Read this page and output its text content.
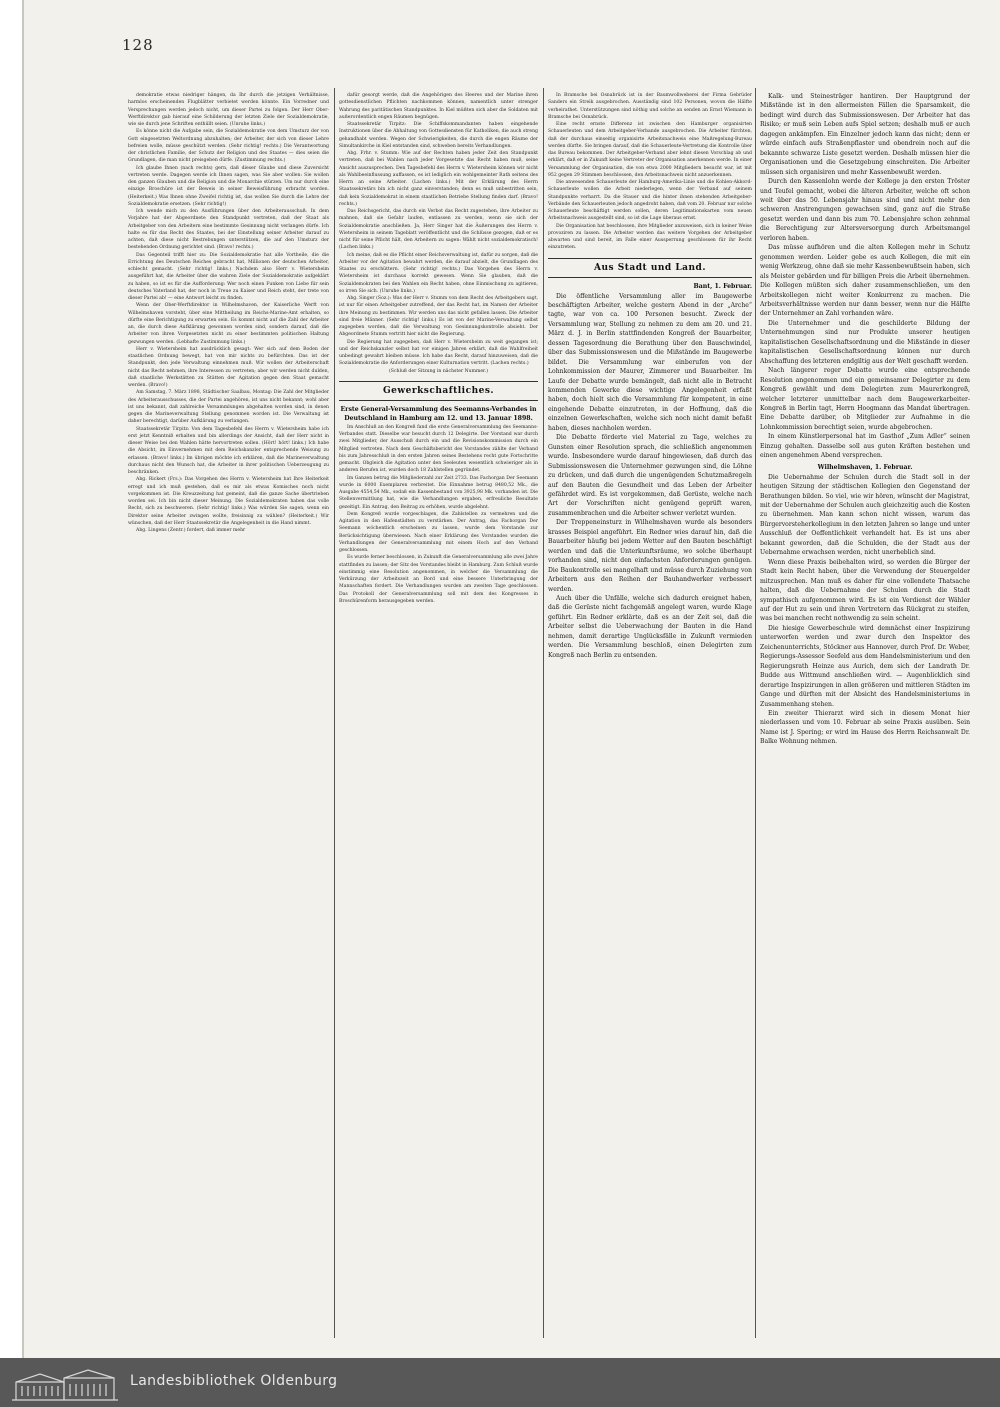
128

demokratie etwas niedriger hängen, da Ihr durch die jetzigen Verhältnisse, harmlos erscheinenden Flugblätter verbietet werden könnte. Ein Vorredner und Versprechungen werden jedoch nicht, um dieser Partei zu folgen. Der Herr Ober-Werftdirektor gab hierauf eine Schilderung der letzten Ziele der Sozialdemokratie, wie sie durch jene Schriften enthüllt seien. (Unruhe links.)

Es könne nicht die Aufgabe sein, die Sozialdemokratie von dem Umsturz der von Gott eingesetzten Weltordnung abzuhalten; der Arbeiter, der sich von dieser Lehre befreien wolle, müsse geschützt werden. (Sehr richtig! rechts.) Die Verantwortung der christlichen Familie, der Schutz der Religion und des Staates — dies seien die Grundlagen, die man nicht preisgeben dürfe. (Zustimmung rechts.)

Ich glaube Ihnen (nach rechts) gern, daß dieser Glaube und diese Zuversicht vertreten werde. Dagegen werde ich Ihnen sagen, was Sie aber wollen: Sie wollen den ganzen Glauben und die Religion und die Monarchie stürzen. Um nur durch eine einzige Broschüre ist der Beweis in seiner Beweisführung erbracht worden. (Heiterkeit.) Was Ihnen ohne Zweifel richtig ist, das wollen Sie durch die Lehre der Sozialdemokratie ersetzen. (Sehr richtig!)

Ich wende mich zu den Ausführungen über den Arbeiterausschuß. In dem Vorjahre hat der Abgeordnete den Standpunkt vertreten, daß der Staat als Arbeitgeber von den Arbeitern eine bestimmte Gesinnung nicht verlangen dürfe. Ich halte es für das Recht des Staates, bei der Einstellung seiner Arbeiter darauf zu achten, daß diese nicht Bestrebungen unterstützen, die auf den Umsturz der bestehenden Ordnung gerichtet sind. (Bravo! rechts.)

Das Gegenteil trifft hier zu: Die Sozialdemokratie hat alle Vortheile, die die Errichtung des Deutschen Reiches gebracht hat, Millionen der deutschen Arbeiter, schlecht gemacht. (Sehr richtig! links.) Nachdem also Herr v. Wietersheim ausgeführt hat, die Arbeiter über die wahren Ziele der Sozialdemokratie aufgeklärt zu haben, so ist es für die Aufforderung: Wer noch einen Funken von Liebe für sein deutsches Vaterland hat, der noch in Treue zu Kaiser und Reich steht, der trete von dieser Partei ab! — eine Antwort leicht zu finden.

Wenn der Ober-Werftdirektor in Wilhelmshaven, der Kaiserliche Werft von Wilhelmshaven vorsteht, über eine Mittheilung im Reichs-Marine-Amt erhalten, so dürfte eine Berichtigung zu erwarten sein. Es kommt nicht auf die Zahl der Arbeiter an, die durch diese Aufklärung gewonnen worden sind, sondern darauf, daß die Arbeiter von ihren Vorgesetzten nicht zu einer bestimmten politischen Haltung gezwungen werden. (Lebhafte Zustimmung links.)

Herr v. Wietersheim hat ausdrücklich gesagt: Wer sich auf dem Boden der staatlichen Ordnung bewegt, hat von mir nichts zu befürchten. Das ist der Standpunkt, den jede Verwaltung einnehmen muß. Wir wollen der Arbeiterschaft nicht das Recht nehmen, ihre Interessen zu vertreten; aber wir werden nicht dulden, daß staatliche Werkstätten zu Stätten der Agitation gegen den Staat gemacht werden. (Bravo!)

Am Samstag, 7. März 1898, Städtischer Saalbau, Montag: Die Zahl der Mitglieder des Arbeiterausschusses, die der Partei angehören, ist uns nicht bekannt; wohl aber ist uns bekannt, daß zahlreiche Versammlungen abgehalten worden sind, in denen gegen die Marineverwaltung Stellung genommen worden ist. Die Verwaltung ist daher berechtigt, darüber Aufklärung zu verlangen.

Staatssekretär Tirpitz: Von dem Tagesbefehl des Herrn v. Wietersheim habe ich erst jetzt Kenntniß erhalten und bin allerdings der Ansicht, daß der Herr nicht in dieser Weise bei den Wahlen hätte hervortreten sollen. (Hört! hört! links.) Ich habe die Absicht, im Einvernehmen mit dem Reichskanzler entsprechende Weisung zu erlassen. (Bravo! links.) Im übrigen möchte ich erklären, daß die Marineverwaltung durchaus nicht den Wunsch hat, die Arbeiter in ihrer politischen Ueberzeugung zu beschränken.

Abg. Rickert (Frs.): Das Vorgehen des Herrn v. Wietersheim hat Ihre Heiterkeit erregt und ich muß gestehen, daß es mir als etwas Komisches noch nicht vorgekommen ist. Die Kreuzzeitung hat gemeint, daß die ganze Sache übertrieben worden sei. Ich bin nicht dieser Meinung. Die Sozialdemokraten haben das volle Recht, sich zu beschweren. (Sehr richtig! links.) Was würden Sie sagen, wenn ein Direktor seine Arbeiter zwingen wollte, freisinnig zu wählen? (Heiterkeit.) Wir wünschen, daß der Herr Staatssekretär die Angelegenheit in die Hand nimmt.

Abg. Lingens (Zentr.) fordert, daß immer mehr

dafür gesorgt werde, daß die Angehörigen des Heeres und der Marine ihren gottesdienstlichen Pflichten nachkommen können, namentlich unter strenger Wahrung des paritätischen Standpunktes. In Kiel müßten sich aber die Soldaten mit außerordentlich engen Räumen begnügen.

Staatssekretär Tirpitz: Die Schiffskommandanten haben eingehende Instruktionen über die Abhaltung von Gottesdiensten für Katholiken, die auch streng gehandhabt werden. Wegen der Schwierigkeiten, die durch die engen Räume der Simultankirche in Kiel entstanden sind, schweben bereits Verhandlungen.

Abg. Frhr. v. Stumm: Wie auf der Rechten haben jeder Zeit den Standpunkt vertreten, daß bei Wahlen nach jeder Vorgesetzte das Recht haben muß, seine Ansicht auszusprechen. Den Tagesbefehl des Herrn v. Wietersheim können wir nicht als Wahlbeeinflussung auffassen, es ist lediglich ein wohlgemeinter Rath seitens des Herrn an seine Arbeiter. (Lachen links.) Mit der Erklärung des Herrn Staatssekretärs bin ich nicht ganz einverstanden; denn es muß unbestritten sein, daß kein Sozialdemokrat in einem staatlichen Betriebe Stellung finden darf. (Bravo! rechts.)

Das Reichsgericht, das durch ein Verbot das Recht zugestehen, ihre Arbeiter zu mahnen, daß sie Gefahr laufen, entlassen zu werden, wenn sie sich der Sozialdemokratie anschließen. Ja, Herr Singer hat die Äußerungen des Herrn v. Wietersheim in seinem Tageblatt veröffentlicht und die Schlüsse gezogen, daß er es nicht für seine Pflicht hält, den Arbeitern zu sagen: Wählt nicht sozialdemokratisch! (Lachen links.)

Ich meine, daß es die Pflicht einer Reichsverwaltung ist, dafür zu sorgen, daß die Arbeiter vor der Agitation bewahrt werden, die darauf abzielt, die Grundlagen des Staates zu erschüttern. (Sehr richtig! rechts.) Das Vorgehen des Herrn v. Wietersheim ist durchaus korrekt gewesen. Wenn Sie glauben, daß die Sozialdemokraten bei den Wahlen ein Recht haben, ohne Einmischung zu agitieren, so irren Sie sich. (Unruhe links.)

Abg. Singer (Soz.): Was der Herr v. Stumm von dem Recht des Arbeitgebers sagt, ist nur für einen Arbeitgeber zutreffend, der das Recht hat, im Namen der Arbeiter ihre Meinung zu bestimmen. Wir werden uns das nicht gefallen lassen. Die Arbeiter sind freie Männer. (Sehr richtig! links.) Es ist von der Marine-Verwaltung selbst zugegeben worden, daß die Verwaltung von Gesinnungskontrolle absieht. Der Abgeordnete Stumm vertritt hier nicht die Regierung.

Die Regierung hat zugegeben, daß Herr v. Wietersheim zu weit gegangen ist; und der Reichskanzler selbst hat vor einigen Jahren erklärt, daß die Wahlfreiheit unbedingt gewahrt bleiben müsse. Ich habe das Recht, darauf hinzuweisen, daß die Sozialdemokratie die Anforderungen einer Kulturnation vertritt. (Lachen rechts.)

(Schluß der Sitzung in nächster Nummer.)

Gewerkschaftliches.
Erste General-Versammlung des Seemanns-Verbandes in Deutschland in Hamburg am 12. und 13. Januar 1898.

Im Anschluß an den Kongreß fand die erste Generalversammlung des Seemanns-Verbandes statt. Dieselbe war besucht durch 12 Delegirte. Der Vorstand war durch zwei Mitglieder, der Ausschuß durch ein und die Revisionskommission durch ein Mitglied vertreten. Nach dem Geschäftsbericht des Vorstandes zählte der Verband bis zum Jahresschluß in den ersten Jahren seines Bestehens recht gute Fortschritte gemacht. Obgleich die Agitation unter den Seeleuten wesentlich schwieriger als in anderen Berufen ist, wurden doch 18 Zahlstellen gegründet.

Im Ganzen betrug die Mitgliederzahl zur Zeit 2733. Das Fachorgan Der Seemann wurde in 6000 Exemplaren verbreitet. Die Einnahme betrug 8480,52 Mk., die Ausgabe 4554,54 Mk., sodaß ein Kassenbestand von 3925,98 Mk. vorhanden ist. Die Stellenvermittlung hat, wie die Verhandlungen ergaben, erfreuliche Resultate gezeitigt. Ein Antrag, den Beitrag zu erhöhen, wurde abgelehnt.

Dem Kongreß wurde vorgeschlagen, die Zahlstellen zu vermehren und die Agitation in den Hafenstädten zu verstärken. Der Antrag, das Fachorgan Der Seemann wöchentlich erscheinen zu lassen, wurde dem Vorstande zur Berücksichtigung überwiesen. Nach einer Erklärung des Vorstandes wurden die Verhandlungen der Generalversammlung mit einem Hoch auf den Verband geschlossen.

Es wurde ferner beschlossen, in Zukunft die Generalversammlung alle zwei Jahre stattfinden zu lassen; der Sitz des Vorstandes bleibt in Hamburg. Zum Schluß wurde einstimmig eine Resolution angenommen, in welcher die Versammlung die Verkürzung der Arbeitszeit an Bord und eine bessere Unterbringung der Mannschaften fordert. Die Verhandlungen wurden am zweiten Tage geschlossen. Das Protokoll der Generalversammlung soll mit dem des Kongresses in Broschürenform herausgegeben werden.

In Bramsche bei Osnabrück ist in der Baumwollweberei der Firma Gebrüder Sanders ein Streik ausgebrochen. Ausständig sind 102 Personen, wovon die Hälfte verheirathet. Unterstützungen sind nöthig und solche an senden an Ernst Wiemann in Bramsche bei Osnabrück.

Eine recht ernste Differenz ist zwischen den Hamburger organisirten Schauerleuten und dem Arbeitgeber-Verbande ausgebrochen. Die Arbeiter fürchten, daß der durchaus einseitig organisirte Arbeitsnachweis eine Maßregelung-Bureau werden dürfte. Sie bringen darauf, daß die Schauerleute-Vertretung die Kontrolle über das Bureau bekommen. Der Arbeitgeber-Verband aber lehnt diesen Vorschlag ab und erklärt, daß er in Zukunft keine Vertreter der Organisation anerkennen werde. In einer Versammlung der Organisation, die von etwa 2000 Mitgliedern besucht war, ist mit 952 gegen 29 Stimmen beschlossen, den Arbeitsnachweis nicht anzuerkennen.

Die anwesenden Schauerleute der Hamburg-Amerika-Linie und die Kohlen-Akkord-Schauerleute wollen die Arbeit niederlegen, wenn der Verband auf seinem Standpunkte verharrt. Da die Stauer und die hinter ihnen stehenden Arbeitgeber-Verbände den Schauerleuten jedoch angedroht haben, daß vom 20. Februar nur solche Schauerleute beschäftigt werden sollen, deren Legitimationskarten vom neuen Arbeitsnachweis ausgestellt sind, so ist die Lage überaus ernst.

Die Organisation hat beschlossen, ihre Mitglieder anzuweisen, sich in keiner Weise provoziren zu lassen. Die Arbeiter werden das weitere Vorgehen der Arbeitgeber abwarten und sind bereit, im Falle einer Aussperrung geschlossen für ihr Recht einzutreten.

Aus Stadt und Land.
Bant, 1. Februar.

Die öffentliche Versammlung aller im Baugewerbe beschäftigten Arbeiter, welche gestern Abend in der „Arche“ tagte, war von ca. 100 Personen besucht. Zweck der Versammlung war, Stellung zu nehmen zu dem am 20. und 21. März d. J. in Berlin stattfindenden Kongreß der Bauarbeiter, dessen Tagesordnung die Berathung über den Bauschwindel, über das Submissionswesen und die Mißstände im Baugewerbe bildet. Die Versammlung war einberufen von der Lohnkommission der Maurer, Zimmerer und Bauarbeiter. Im Laufe der Debatte wurde bemängelt, daß nicht alle in Betracht kommenden Gewerke diese wichtige Angelegenheit erfaßt haben, doch hielt sich die Versammlung für kompetent, in eine eingehende Debatte einzutreten, in der Hoffnung, daß die einzelnen Gewerkschaften, welche sich noch nicht damit befaßt haben, dieses nachholen werden.

Die Debatte förderte viel Material zu Tage, welches zu Gunsten einer Resolution sprach, die schließlich angenommen wurde. Insbesondere wurde darauf hingewiesen, daß durch das Submissionswesen die Unternehmer gezwungen sind, die Löhne zu drücken, und daß durch die ungenügenden Schutzmaßregeln auf den Bauten die Gesundheit und das Leben der Arbeiter gefährdet wird. Es ist vorgekommen, daß Gerüste, welche nach Art der Vorschriften nicht genügend geprüft waren, zusammenbrachen und die Arbeiter schwer verletzt wurden.

Der Treppeneinsturz in Wilhelmshaven wurde als besonders krasses Beispiel angeführt. Ein Redner wies darauf hin, daß die Bauarbeiter häufig bei jedem Wetter auf den Bauten beschäftigt werden und daß die Unterkunftsräume, wo solche überhaupt vorhanden sind, nicht den einfachsten Anforderungen genügen. Die Baukontrolle sei mangelhaft und müsse durch Zuziehung von Arbeitern aus den Reihen der Bauhandwerker verbessert werden.

Auch über die Unfälle, welche sich dadurch ereignet haben, daß die Gerüste nicht fachgemäß angelegt waren, wurde Klage geführt. Ein Redner erklärte, daß es an der Zeit sei, daß die Arbeiter selbst die Ueberwachung der Bauten in die Hand nehmen, damit derartige Unglücksfälle in Zukunft vermieden werden. Die Versammlung beschloß, einen Delegirten zum Kongreß nach Berlin zu entsenden.

Kalk- und Steinesträger hantiren. Der Hauptgrund der Mißstände ist in den allermeisten Fällen die Sparsamkeit, die bedingt wird durch das Submissionswesen. Der Arbeiter hat das Risiko; er muß sein Leben aufs Spiel setzen; deshalb muß er auch dagegen ankämpfen. Ein Einzelner jedoch kann das nicht; denn er würde einfach aufs Straßenpflaster und obendrein noch auf die bekannte schwarze Liste gesetzt werden. Deshalb müssen hier die Organisationen und die Gesetzgebung einschreiten. Die Arbeiter müssen sich organisiren und mehr Kassenbewußt werden.

Durch den Kassenlohn werde der Kollege ja den ersten Tröster und Teufel gemacht, wobei die älteren Arbeiter, welche oft schon weit über das 50. Lebensjahr hinaus sind und nicht mehr den schweren Anstrengungen gewachsen sind, ganz auf die Straße gesetzt werden und dann bis zum 70. Lebensjahre schon zehnmal die Berechtigung zur Altersversorgung durch Arbeitsmangel verloren haben.

Das müsse aufhören und die alten Kollegen mehr in Schutz genommen werden. Leider gebe es auch Kollegen, die mit ein wenig Werkzeug, ohne daß sie mehr Kassenbewußtsein haben, sich als Meister gebärden und für billigen Preis die Arbeit übernehmen. Die Kollegen müßten sich daher zusammenschließen, um den Arbeitskollegen nicht weiter Konkurrenz zu machen. Die Arbeitsverhältnisse werden nur dann besser, wenn nur die Hälfte der Unternehmer an Zahl vorhanden wäre.

Die Unternehmer und die geschilderte Bildung der Unternehmungen sind nur Produkte unserer heutigen kapitalistischen Gesellschaftsordnung und die Mißstände in dieser kapitalistischen Gesellschaftsordnung können nur durch Abschaffung des letzteren endgiltig aus der Welt geschafft werden.

Nach längerer reger Debatte wurde eine entsprechende Resolution angenommen und ein gemeinsamer Delegirter zu dem Kongreß gewählt und dem Delegirten zum Maurerkongreß, welcher letzterer unmittelbar nach dem Baugewerkarbeiter-Kongreß in Berlin tagt, Herrn Hoogmann das Mandat übertragen. Eine Debatte darüber, ob Mitglieder zur Aufnahme in die Lohnkommission berechtigt seien, wurde abgebrochen.

In einem Künstlerpersonal hat im Gasthof „Zum Adler“ seinen Einzug gehalten. Dasselbe soll aus guten Kräften bestehen und einen angenehmen Abend versprechen.

Wilhelmshaven, 1. Februar.

Die Uebernahme der Schulen durch die Stadt soll in der heutigen Sitzung der städtischen Kollegien den Gegenstand der Berathungen bilden. So viel, wie wir hören, wünscht der Magistrat, mit der Uebernahme der Schulen auch gleichzeitig auch die Kosten zu übernehmen. Man kann schon nicht wissen, warum das Bürgervorsteherkollegium in den letzten Jahren so lange und unter Ausschluß der Oeffentlichkeit verhandelt hat. Es ist uns aber bekannt geworden, daß die Schulden, die der Stadt aus der Uebernahme erwachsen werden, nicht unerheblich sind.

Wenn diese Praxis beibehalten wird, so werden die Bürger der Stadt kein Recht haben, über die Verwendung der Steuergelder mitzusprechen. Man muß es daher für eine vollendete Thatsache halten, daß die Uebernahme der Schulen durch die Stadt sympathisch aufgenommen wird. Es ist ein Verdienst der Wähler auf der Hut zu sein und ihren Vertretern das Rückgrat zu steifen, was bei manchen recht nothwendig zu sein scheint.

Die hiesige Gewerbeschule wird demnächst einer Inspizirung unterworfen werden und zwar durch den Inspektor des Zeichenunterrichts, Stöckner aus Hannover, durch Prof. Dr. Weber, Regierungs-Assessor Seefeld aus dem Handelsministerium und den Regierungsrath Heinze aus Aurich, dem sich der Landrath Dr. Budde aus Wittmund anschließen wird. — Augenblicklich sind derartige Inspizirungen in allen größeren und mittleren Städten im Gange und dürften mit der Absicht des Handelsministeriums in Zusammenhang stehen.

Ein zweiter Thierarzt wird sich in diesem Monat hier niederlassen und vom 10. Februar ab seine Praxis ausüben. Sein Name ist J. Spering; er wird im Hause des Herrn Reichsanwalt Dr. Balke Wohnung nehmen.

Landesbibliothek Oldenburg
